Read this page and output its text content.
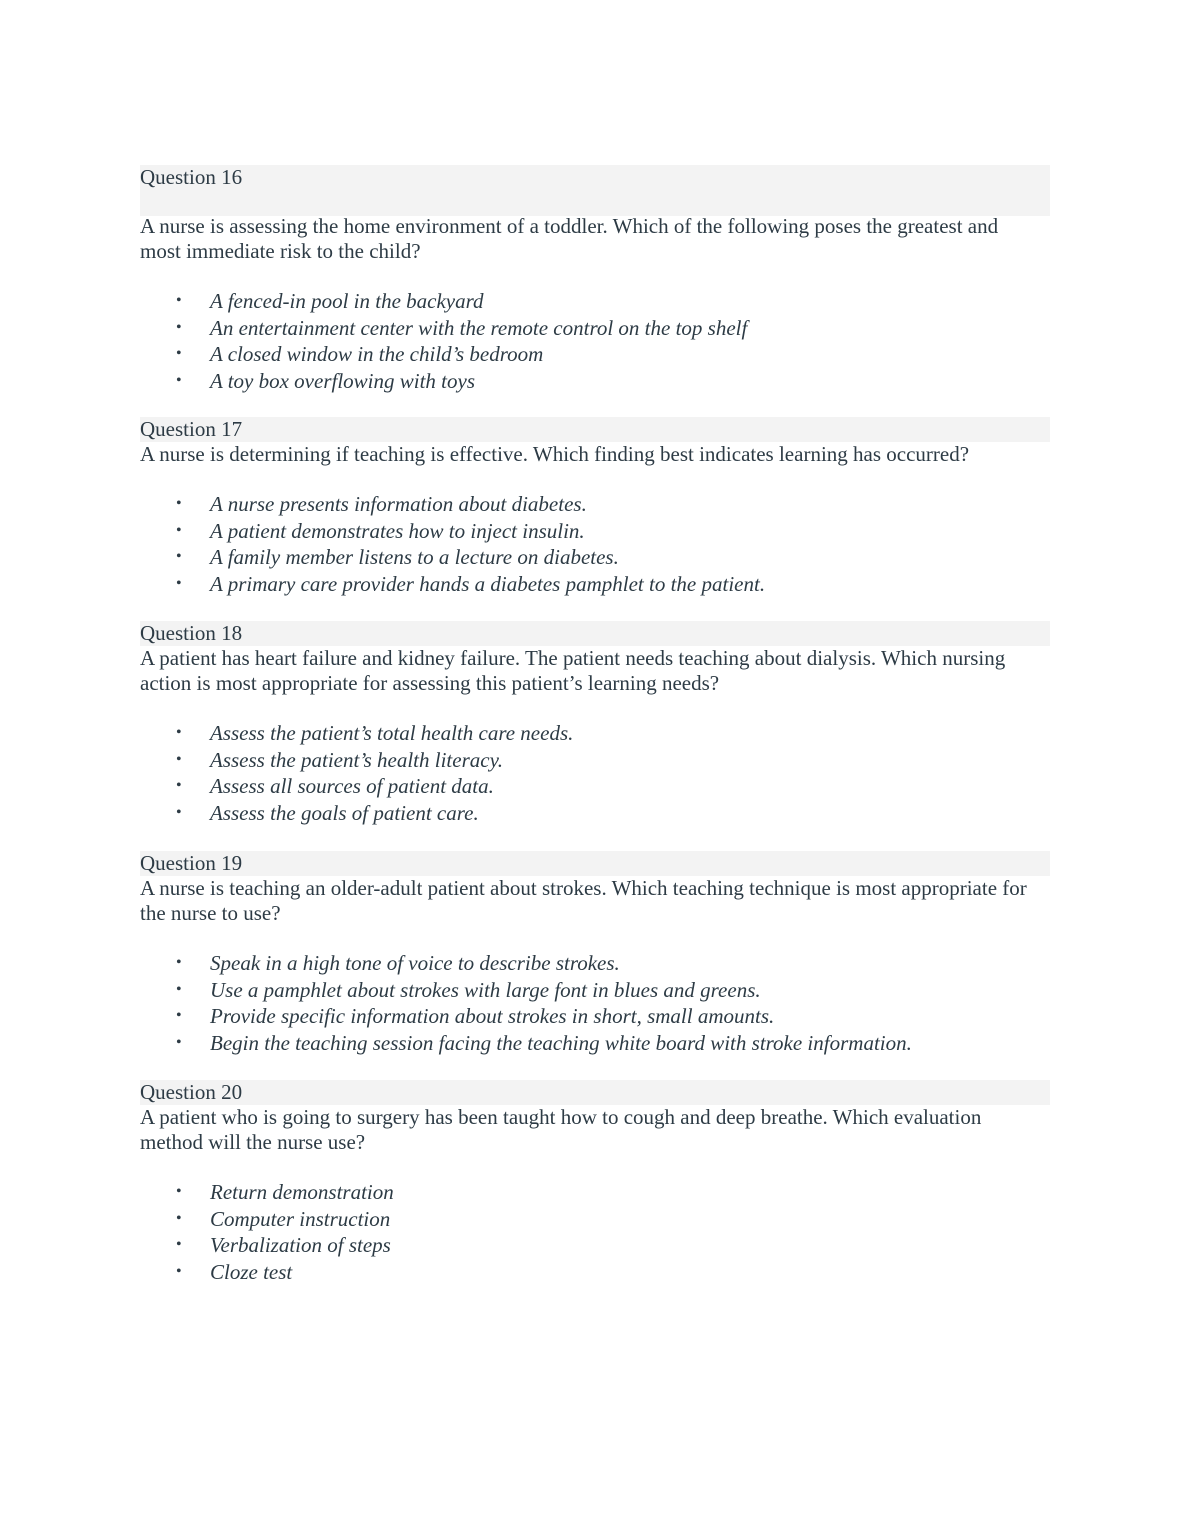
Question 16

A nurse is assessing the home environment of a toddler. Which of the following poses the greatest and most immediate risk to the child?

• A fenced-in pool in the backyard
• An entertainment center with the remote control on the top shelf
• A closed window in the child’s bedroom
• A toy box overflowing with toys
Question 17

A nurse is determining if teaching is effective. Which finding best indicates learning has occurred?

• A nurse presents information about diabetes.
• A patient demonstrates how to inject insulin.
• A family member listens to a lecture on diabetes.
• A primary care provider hands a diabetes pamphlet to the patient.
Question 18

A patient has heart failure and kidney failure. The patient needs teaching about dialysis. Which nursing action is most appropriate for assessing this patient’s learning needs?

• Assess the patient’s total health care needs.
• Assess the patient’s health literacy.
• Assess all sources of patient data.
• Assess the goals of patient care.
Question 19

A nurse is teaching an older-adult patient about strokes. Which teaching technique is most appropriate for the nurse to use?

• Speak in a high tone of voice to describe strokes.
• Use a pamphlet about strokes with large font in blues and greens.
• Provide specific information about strokes in short, small amounts.
• Begin the teaching session facing the teaching white board with stroke information.
Question 20

A patient who is going to surgery has been taught how to cough and deep breathe. Which evaluation method will the nurse use?

• Return demonstration
• Computer instruction
• Verbalization of steps
• Cloze test
